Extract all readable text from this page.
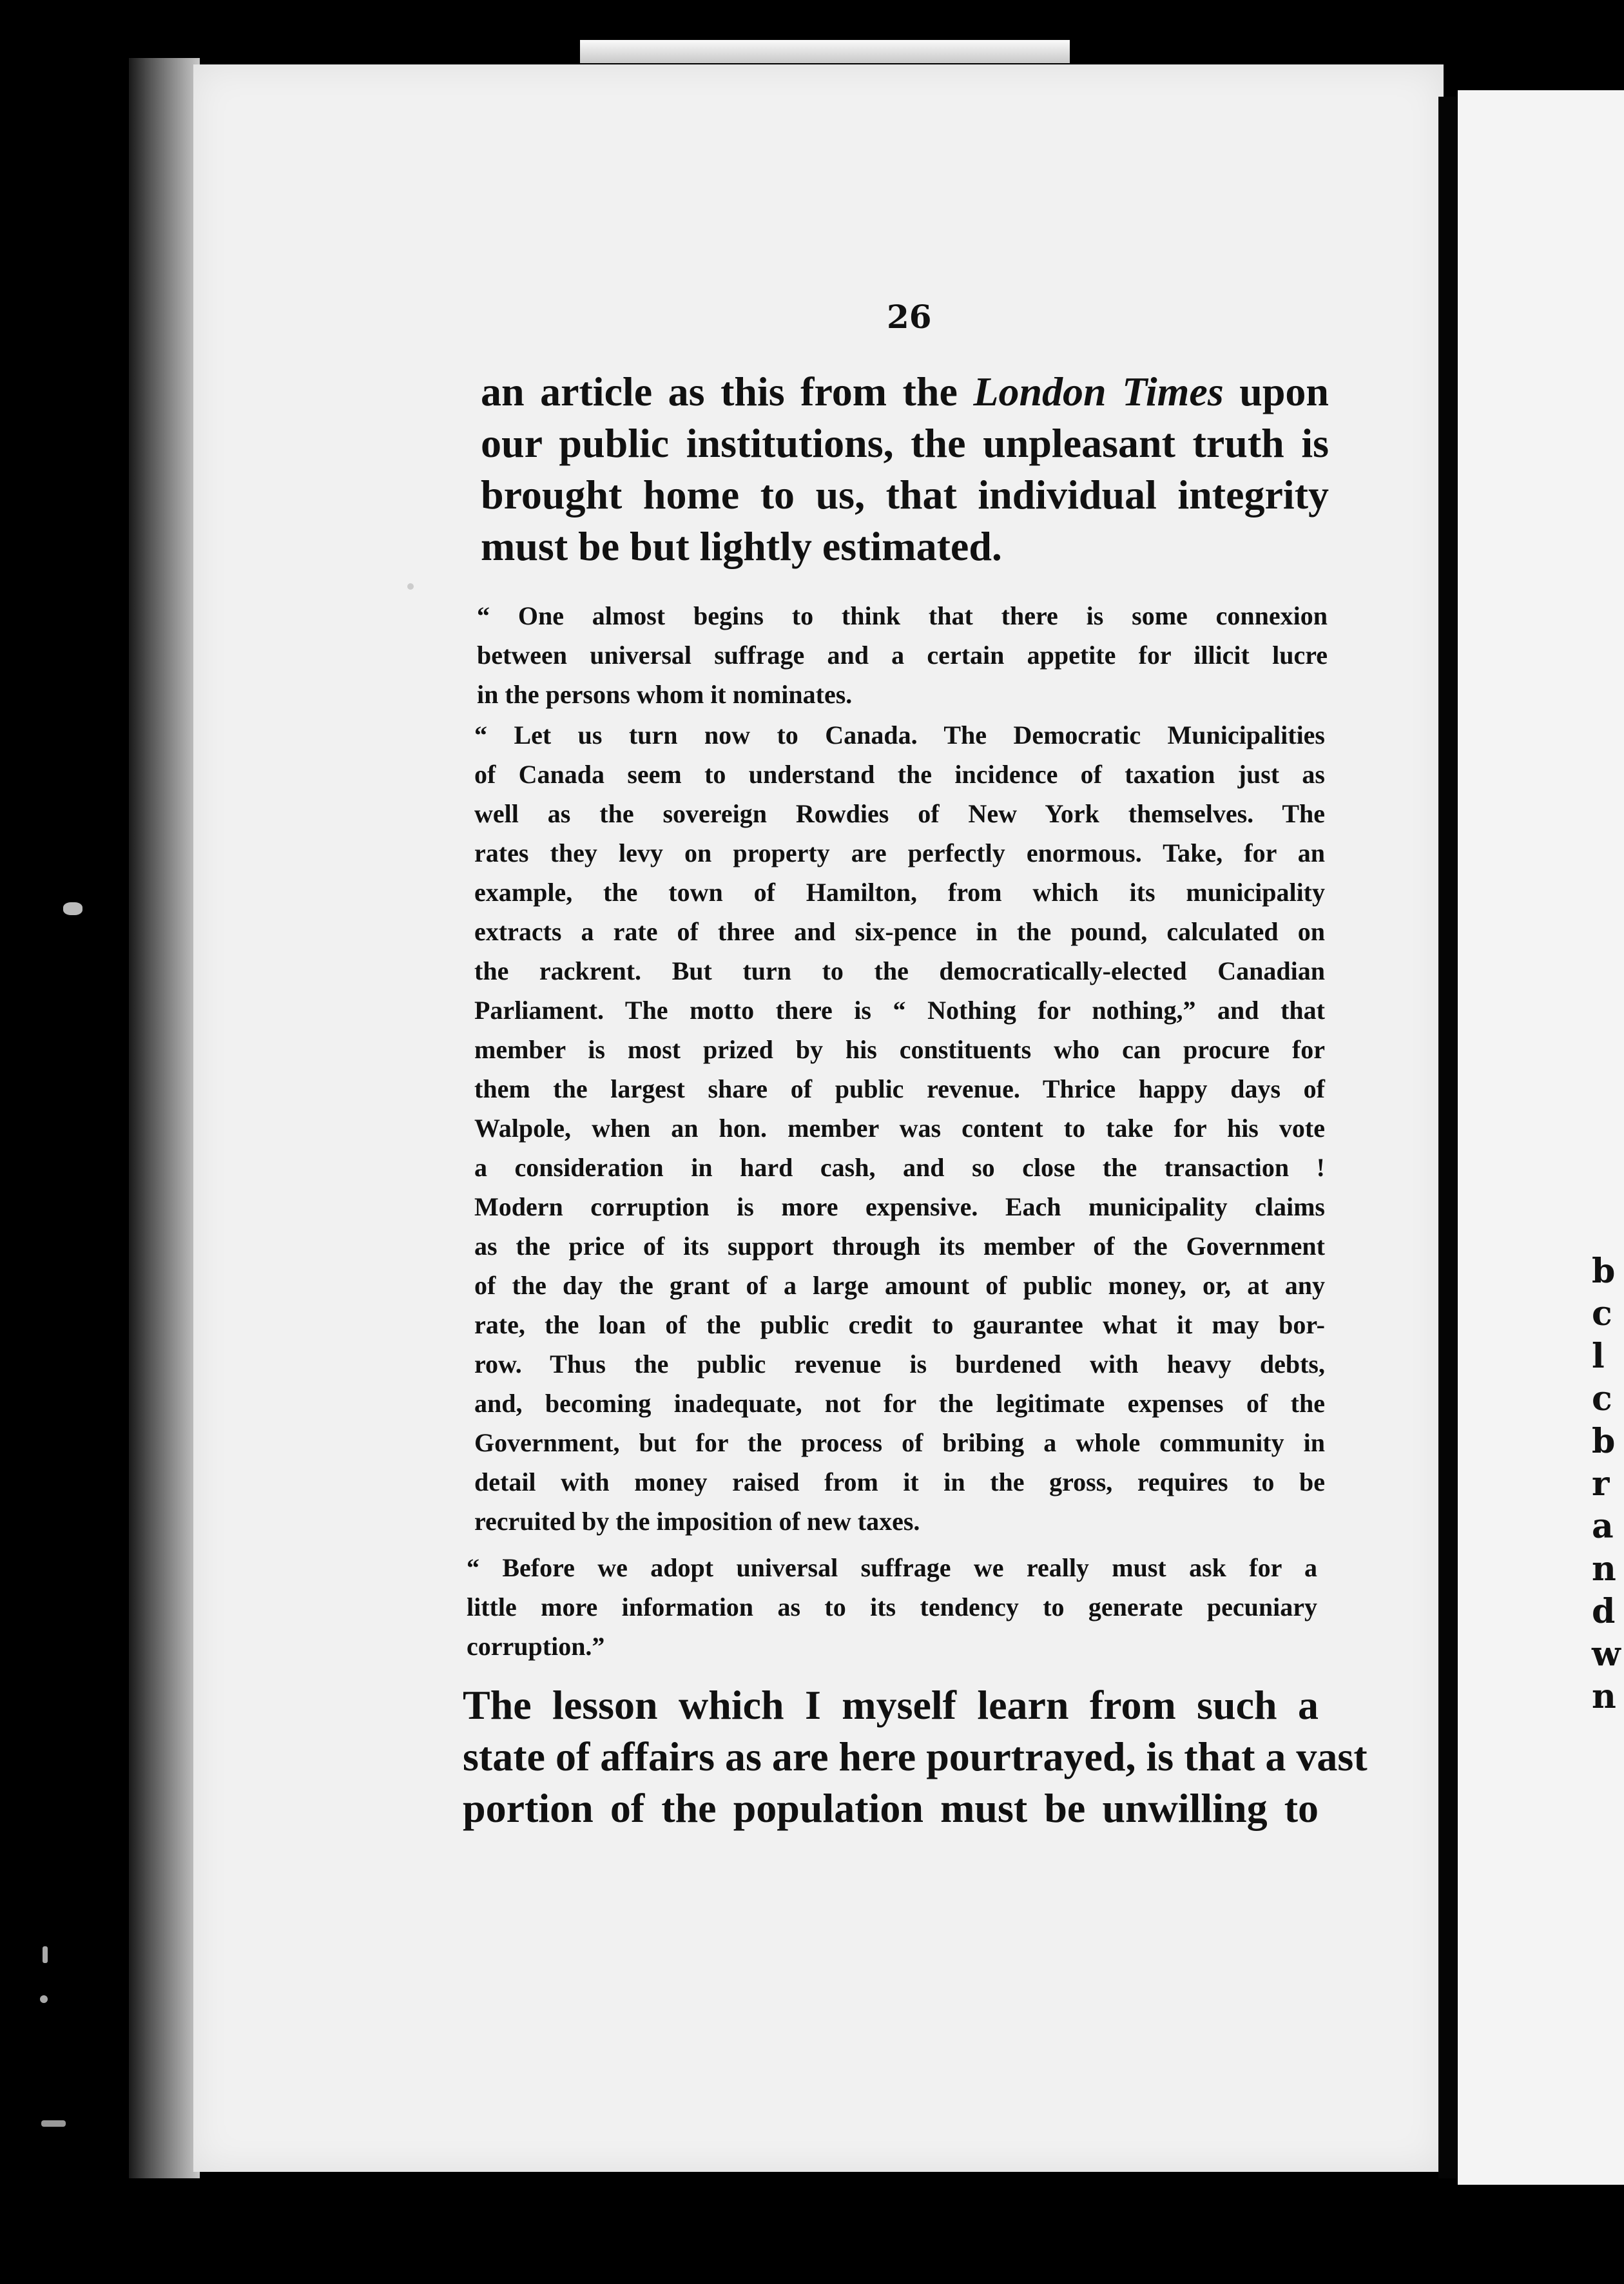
b
c
l
c
b
r
a
n
d
w
n
26
an article as this from the London Times upon
our public institutions, the unpleasant truth is
brought home to us, that individual integrity
must be but lightly estimated.
“ One almost begins to think that there is some connexion
between universal suffrage and a certain appetite for illicit lucre
in the persons whom it nominates.
“ Let us turn now to Canada. The Democratic Municipalities
of Canada seem to understand the incidence of taxation just as
well as the sovereign Rowdies of New York themselves. The
rates they levy on property are perfectly enormous. Take, for an
example, the town of Hamilton, from which its municipality
extracts a rate of three and six-pence in the pound, calculated on
the rackrent. But turn to the democratically-elected Canadian
Parliament. The motto there is “ Nothing for nothing,” and that
member is most prized by his constituents who can procure for
them the largest share of public revenue. Thrice happy days of
Walpole, when an hon. member was content to take for his vote
a consideration in hard cash, and so close the transaction !
Modern corruption is more expensive. Each municipality claims
as the price of its support through its member of the Government
of the day the grant of a large amount of public money, or, at any
rate, the loan of the public credit to gaurantee what it may bor-
row. Thus the public revenue is burdened with heavy debts,
and, becoming inadequate, not for the legitimate expenses of the
Government, but for the process of bribing a whole community in
detail with money raised from it in the gross, requires to be
recruited by the imposition of new taxes.
“ Before we adopt universal suffrage we really must ask for a
little more information as to its tendency to generate pecuniary
corruption.”
The lesson which I myself learn from such a
state of affairs as are here pourtrayed, is that a vast
portion of the population must be unwilling to
